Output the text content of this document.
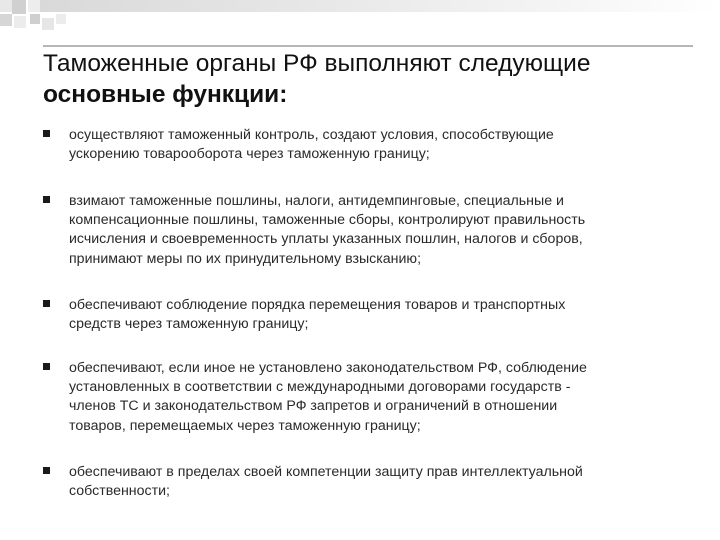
Таможенные органы РФ выполняют следующие
основные функции:
осуществляют таможенный контроль, создают условия, способствующие
ускорению товарооборота через таможенную границу;
взимают таможенные пошлины, налоги, антидемпинговые, специальные и
компенсационные пошлины, таможенные сборы, контролируют правильность
исчисления и своевременность уплаты указанных пошлин, налогов и сборов,
принимают меры по их принудительному взысканию;
обеспечивают соблюдение порядка перемещения товаров и транспортных
средств через таможенную границу;
обеспечивают, если иное не установлено законодательством РФ, соблюдение
установленных в соответствии с международными договорами государств -
членов ТС и законодательством РФ запретов и ограничений в отношении
товаров, перемещаемых через таможенную границу;
обеспечивают в пределах своей компетенции защиту прав интеллектуальной
собственности;
